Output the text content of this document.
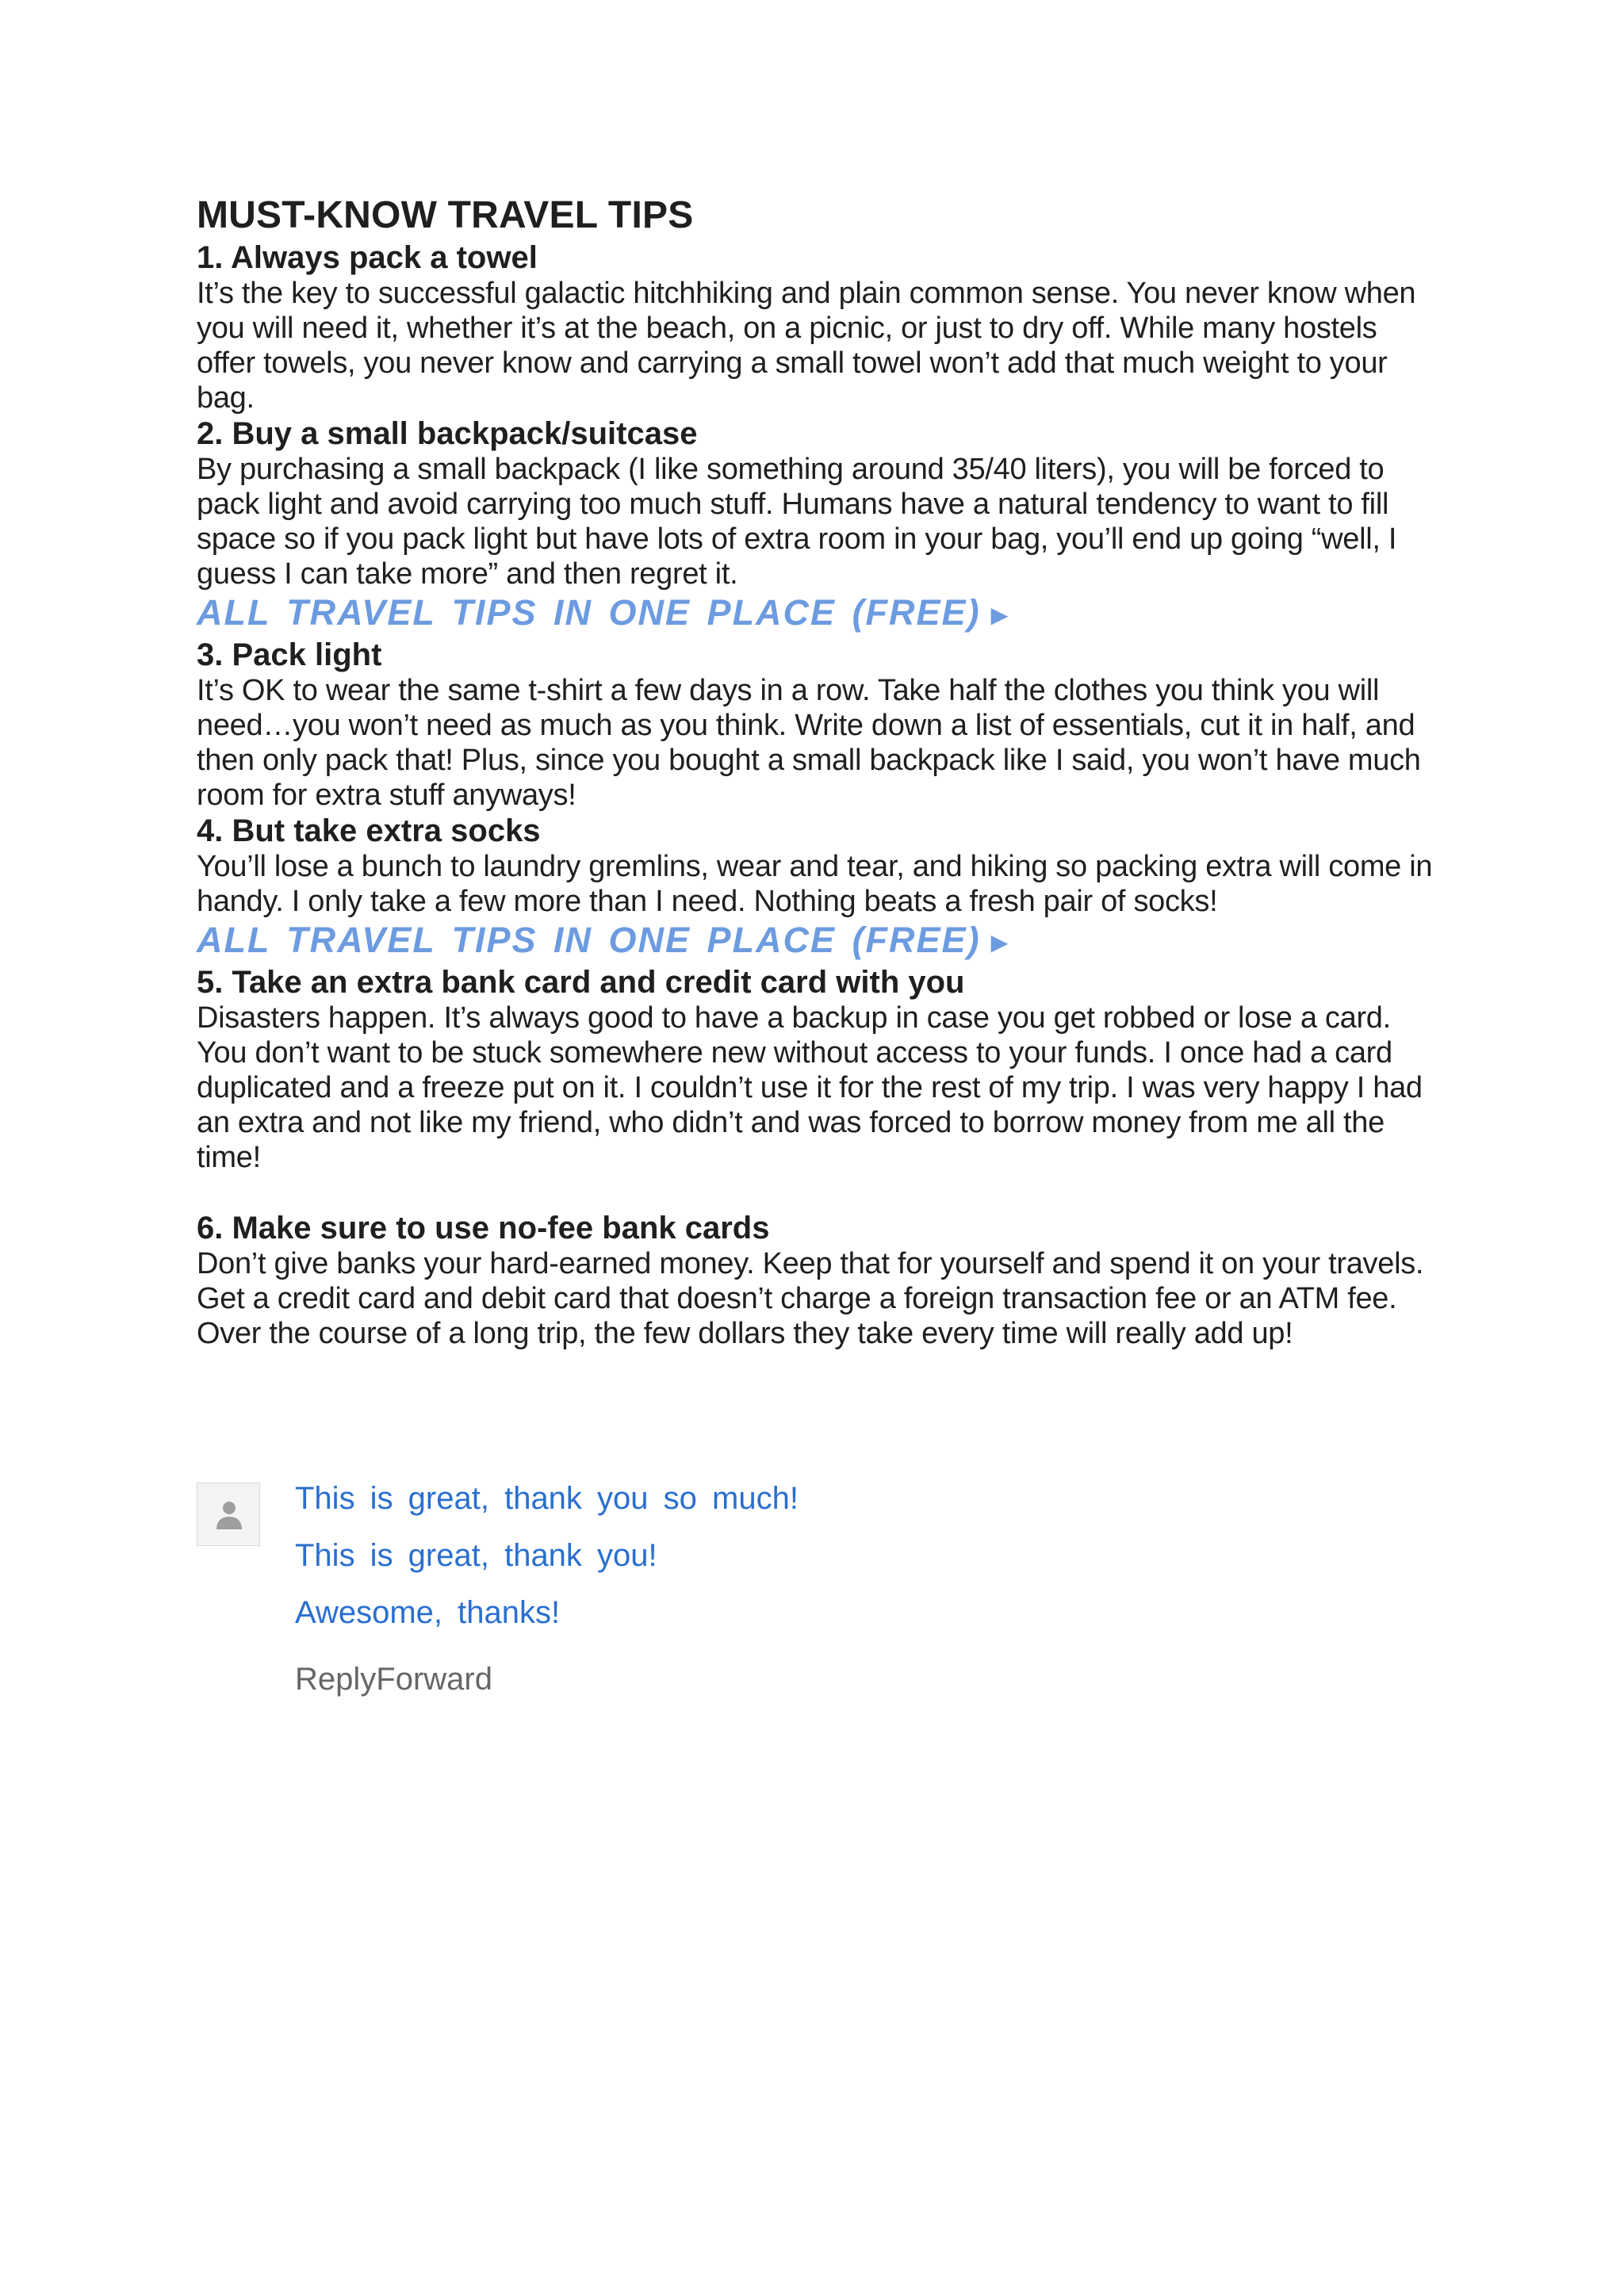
MUST-KNOW TRAVEL TIPS
1. Always pack a towel

It’s the key to successful galactic hitchhiking and plain common sense. You never know when you will need it, whether it’s at the beach, on a picnic, or just to dry off. While many hostels offer towels, you never know and carrying a small towel won’t add that much weight to your bag.

2. Buy a small backpack/suitcase

By purchasing a small backpack (I like something around 35/40 liters), you will be forced to pack light and avoid carrying too much stuff. Humans have a natural tendency to want to fill space so if you pack light but have lots of extra room in your bag, you’ll end up going “well, I guess I can take more” and then regret it.

ALL TRAVEL TIPS IN ONE PLACE (FREE) ►
3. Pack light

It’s OK to wear the same t-shirt a few days in a row. Take half the clothes you think you will need…you won’t need as much as you think. Write down a list of essentials, cut it in half, and then only pack that! Plus, since you bought a small backpack like I said, you won’t have much room for extra stuff anyways!

4. But take extra socks

You’ll lose a bunch to laundry gremlins, wear and tear, and hiking so packing extra will come in handy. I only take a few more than I need. Nothing beats a fresh pair of socks!

ALL TRAVEL TIPS IN ONE PLACE (FREE) ►
5. Take an extra bank card and credit card with you

Disasters happen. It’s always good to have a backup in case you get robbed or lose a card. You don’t want to be stuck somewhere new without access to your funds. I once had a card duplicated and a freeze put on it. I couldn’t use it for the rest of my trip. I was very happy I had an extra and not like my friend, who didn’t and was forced to borrow money from me all the time!

6. Make sure to use no-fee bank cards

Don’t give banks your hard-earned money. Keep that for yourself and spend it on your travels. Get a credit card and debit card that doesn’t charge a foreign transaction fee or an ATM fee. Over the course of a long trip, the few dollars they take every time will really add up!

This is great, thank you so much!

This is great, thank you!

Awesome, thanks!

ReplyForward
